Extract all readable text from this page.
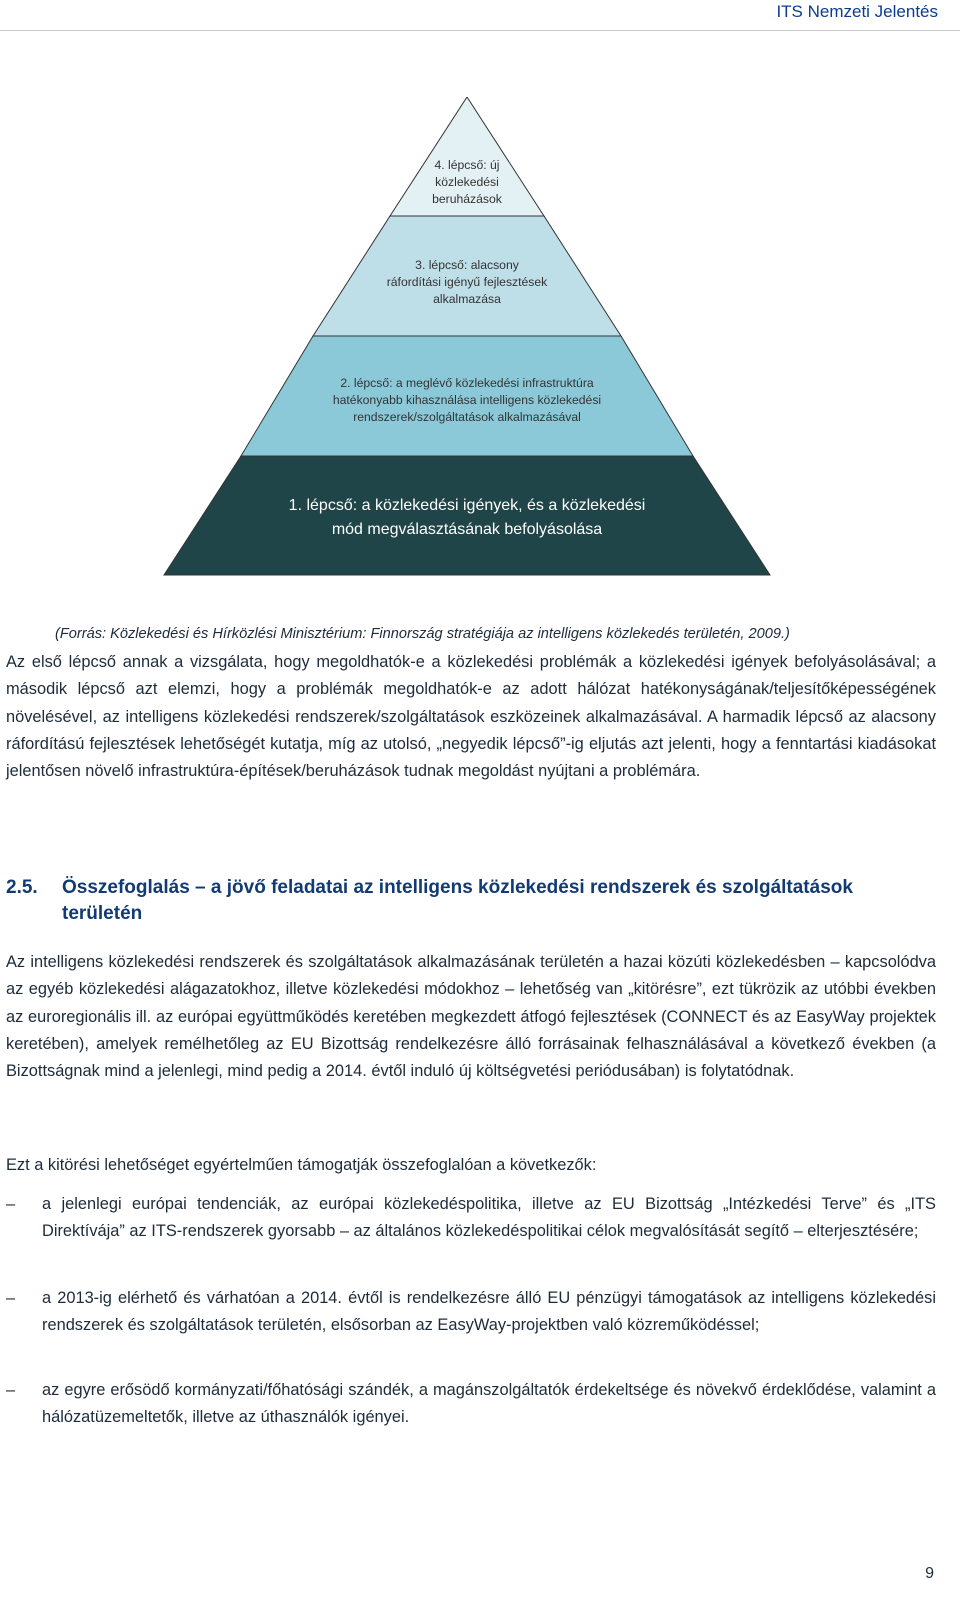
ITS Nemzeti Jelentés
4. lépcső: új
közlekedési
beruházások
3. lépcső: alacsony
ráfordítási igényű fejlesztések
alkalmazása
2. lépcső: a meglévő közlekedési infrastruktúra
hatékonyabb kihasználása intelligens közlekedési
rendszerek/szolgáltatások alkalmazásával
1. lépcső: a közlekedési igények, és a közlekedési
mód megválasztásának befolyásolása
(Forrás: Közlekedési és Hírközlési Minisztérium: Finnország stratégiája az intelligens közlekedés területén, 2009.)
Az első lépcső annak a vizsgálata, hogy megoldhatók-e a közlekedési problémák a közlekedési igények befolyásolásával; a második lépcső azt elemzi, hogy a problémák megoldhatók-e az adott hálózat hatékonyságának/teljesítőképességének növelésével, az intelligens közlekedési rendszerek/szolgáltatások eszközeinek alkalmazásával. A harmadik lépcső az alacsony ráfordítású fejlesztések lehetőségét kutatja, míg az utolsó, „negyedik lépcső”-ig eljutás azt jelenti, hogy a fenntartási kiadásokat jelentősen növelő infrastruktúra-építések/beruházások tudnak megoldást nyújtani a problémára.
2.5. Összefoglalás – a jövő feladatai az intelligens közlekedési rendszerek és szolgáltatások területén
Az intelligens közlekedési rendszerek és szolgáltatások alkalmazásának területén a hazai közúti közlekedésben – kapcsolódva az egyéb közlekedési alágazatokhoz, illetve közlekedési módokhoz – lehetőség van „kitörésre”, ezt tükrözik az utóbbi években az euroregionális ill. az európai együttműködés keretében megkezdett átfogó fejlesztések (CONNECT és az EasyWay projektek keretében), amelyek remélhetőleg az EU Bizottság rendelkezésre álló forrásainak felhasználásával a következő években (a Bizottságnak mind a jelenlegi, mind pedig a 2014. évtől induló új költségvetési periódusában) is folytatódnak.
Ezt a kitörési lehetőséget egyértelműen támogatják összefoglalóan a következők:
– a jelenlegi európai tendenciák, az európai közlekedéspolitika, illetve az EU Bizottság „Intézkedési Terve” és „ITS Direktívája” az ITS-rendszerek gyorsabb – az általános közlekedéspolitikai célok megvalósítását segítő – elterjesztésére;
– a 2013-ig elérhető és várhatóan a 2014. évtől is rendelkezésre álló EU pénzügyi támogatások az intelligens közlekedési rendszerek és szolgáltatások területén, elsősorban az EasyWay-projektben való közreműködéssel;
– az egyre erősödő kormányzati/főhatósági szándék, a magánszolgáltatók érdekeltsége és növekvő érdeklődése, valamint a hálózatüzemeltetők, illetve az úthasználók igényei.
9
